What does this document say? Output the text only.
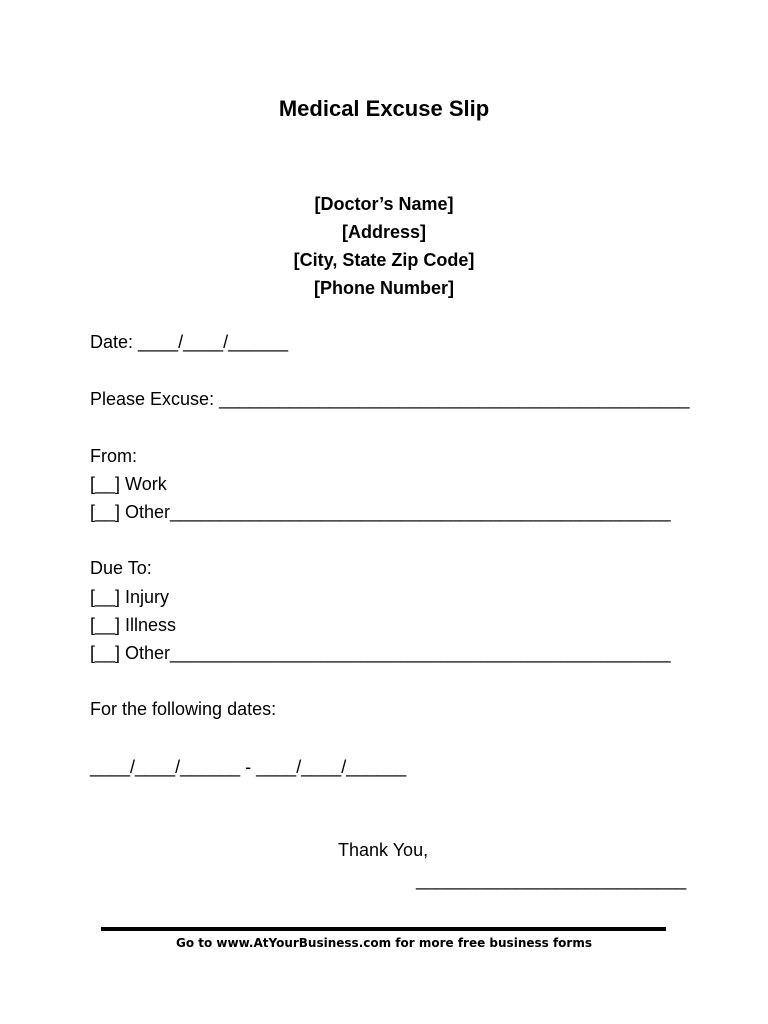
Medical Excuse Slip
[Doctor’s Name]
[Address]
[City, State Zip Code]
[Phone Number]
Date: ____/____/______
Please Excuse: _______________________________________________
From:
[__] Work
[__] Other__________________________________________________
Due To:
[__] Injury
[__] Illness
[__] Other__________________________________________________
For the following dates:
____/____/______ - ____/____/______
Thank You,
___________________________
Go to www.AtYourBusiness.com for more free business forms
